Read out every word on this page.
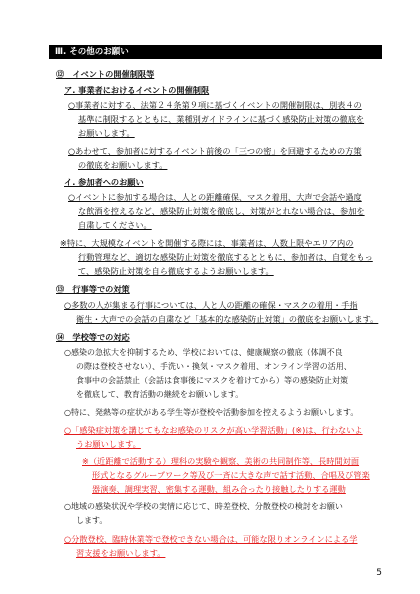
Ⅲ. その他のお願い
⑫　イベントの開催制限等
ア. 事業者におけるイベントの開催制限
○事業者に対する、法第２４条第９項に基づくイベントの開催制限は、別表４の
基準に制限するとともに、業種別ガイドラインに基づく感染防止対策の徹底を
お願いします。
○あわせて、参加者に対するイベント前後の「三つの密」を回避するための方策
の徹底をお願いします。
イ. 参加者へのお願い
○イベントに参加する場合は、人との距離確保、マスク着用、大声で会話や過度
な飲酒を控えるなど、感染防止対策を徹底し、対策がとれない場合は、参加を
自粛してください。
※特に、大規模なイベントを開催する際には、事業者は、人数上限やエリア内の
行動管理など、適切な感染防止対策を徹底するとともに、参加者は、自覚をもっ
て、感染防止対策を自ら徹底するようお願いします。
⑬　行事等での対策
○多数の人が集まる行事については、人と人の距離の確保・マスクの着用・手指
衛生・大声での会話の自粛など「基本的な感染防止対策」の徹底をお願いします。
⑭　学校等での対応
○感染の急拡大を抑制するため、学校においては、健康観察の徹底（体調不良
の際は登校させない）、手洗い・換気・マスク着用、オンライン学習の活用、
食事中の会話禁止（会話は食事後にマスクを着けてから）等の感染防止対策
を徹底して、教育活動の継続をお願いします。
○特に、発熱等の症状がある学生等が登校や活動参加を控えるようお願いします。
○「感染症対策を講じてもなお感染のリスクが高い学習活動」(※)は、行わないよ
うお願いします。
※（近距離で活動する）理科の実験や観察、美術の共同制作等、長時間対面
形式となるグループワーク等及び一斉に大きな声で話す活動、合唱及び管楽
器演奏、調理実習、密集する運動、組み合ったり接触したりする運動
○地域の感染状況や学校の実情に応じて、時差登校、分散登校の検討をお願い
します。
○分散登校、臨時休業等で登校できない場合は、可能な限りオンラインによる学
習支援をお願いします。
5
